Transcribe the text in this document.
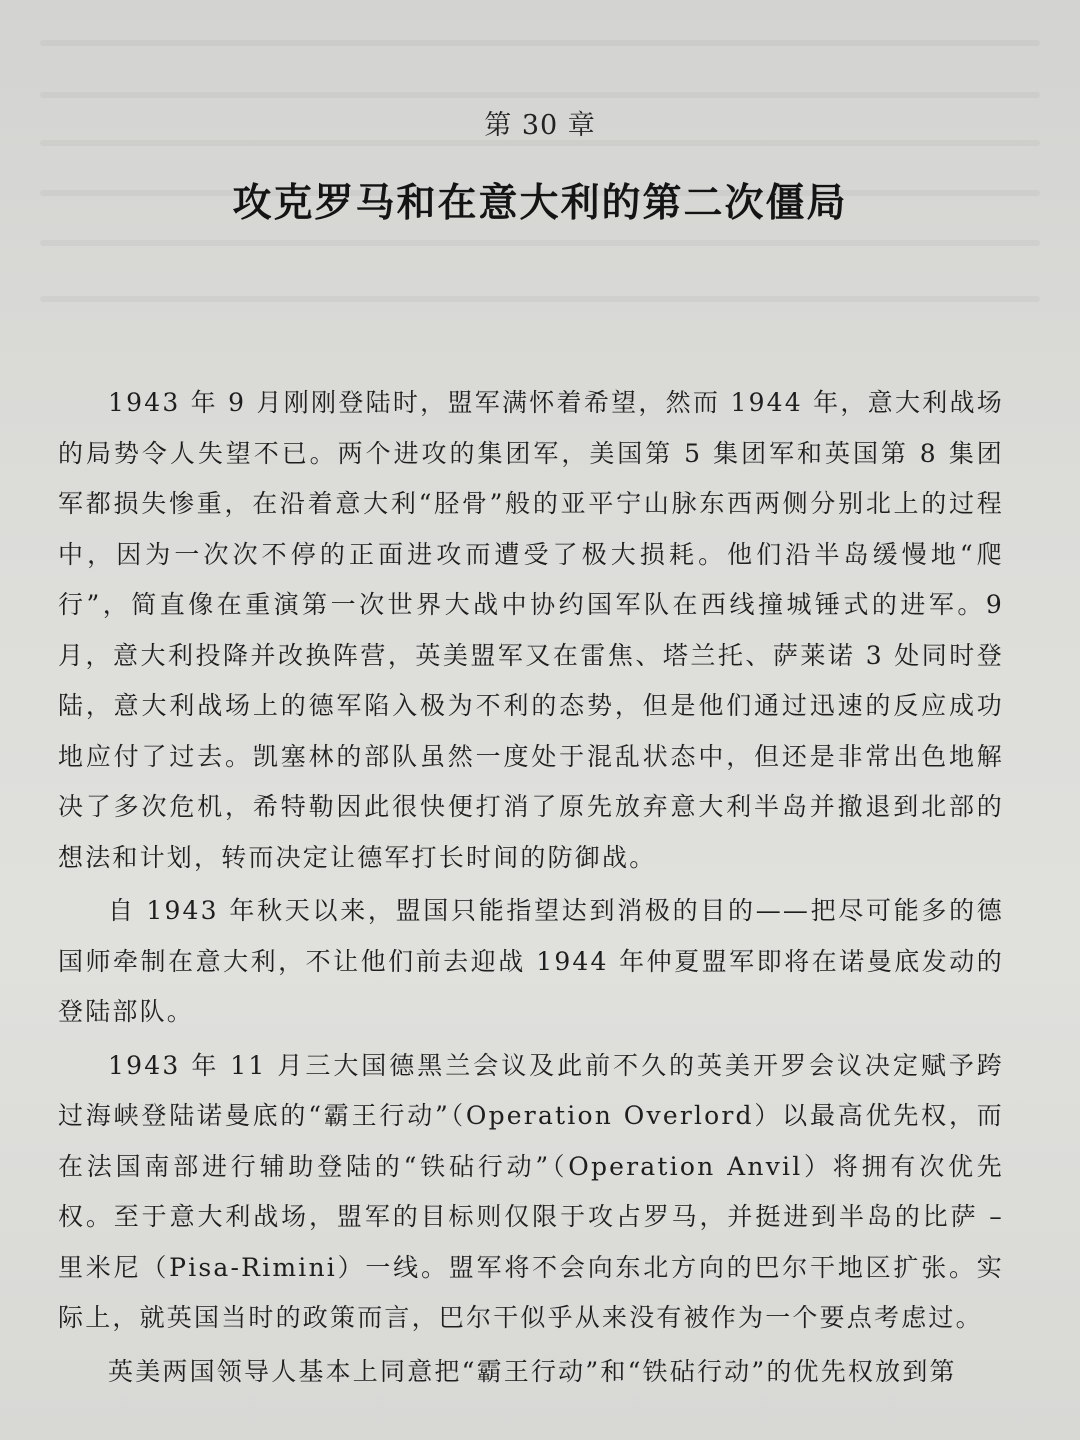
第 30 章
攻克罗马和在意大利的第二次僵局

1943 年 9 月刚刚登陆时，盟军满怀着希望，然而 1944 年，意大利战场的局势令人失望不已。两个进攻的集团军，美国第 5 集团军和英国第 8 集团军都损失惨重，在沿着意大利“胫骨”般的亚平宁山脉东西两侧分别北上的过程中，因为一次次不停的正面进攻而遭受了极大损耗。他们沿半岛缓慢地“爬行”，简直像在重演第一次世界大战中协约国军队在西线撞城锤式的进军。9 月，意大利投降并改换阵营，英美盟军又在雷焦、塔兰托、萨莱诺 3 处同时登陆，意大利战场上的德军陷入极为不利的态势，但是他们通过迅速的反应成功地应付了过去。凯塞林的部队虽然一度处于混乱状态中，但还是非常出色地解决了多次危机，希特勒因此很快便打消了原先放弃意大利半岛并撤退到北部的想法和计划，转而决定让德军打长时间的防御战。

自 1943 年秋天以来，盟国只能指望达到消极的目的——把尽可能多的德国师牵制在意大利，不让他们前去迎战 1944 年仲夏盟军即将在诺曼底发动的登陆部队。

1943 年 11 月三大国德黑兰会议及此前不久的英美开罗会议决定赋予跨过海峡登陆诺曼底的“霸王行动”（Operation Overlord）以最高优先权，而在法国南部进行辅助登陆的“铁砧行动”（Operation Anvil）将拥有次优先权。至于意大利战场，盟军的目标则仅限于攻占罗马，并挺进到半岛的比萨 – 里米尼（Pisa-Rimini）一线。盟军将不会向东北方向的巴尔干地区扩张。实际上，就英国当时的政策而言，巴尔干似乎从来没有被作为一个要点考虑过。

英美两国领导人基本上同意把“霸王行动”和“铁砧行动”的优先权放到第
